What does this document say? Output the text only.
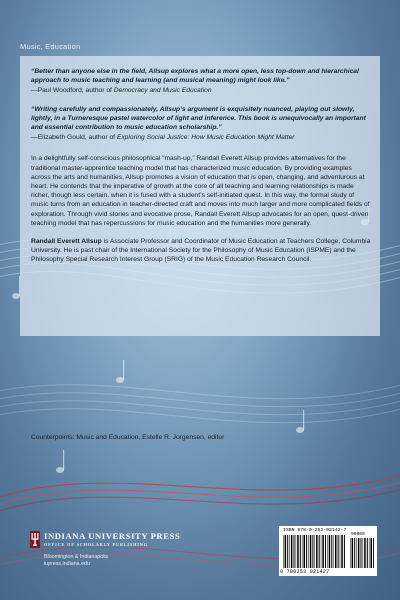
Music, Education

“Better than anyone else in the field, Allsup explores what a more open, less top-down and hierarchical approach to music teaching and learning (and musical meaning) might look like.”

—Paul Woodford, author of Democracy and Music Education

“Writing carefully and compassionately, Allsup’s argument is exquisitely nuanced, playing out slowly, lightly, in a Turneresque pastel watercolor of light and inference. This book is unequivocally an important and essential contribution to music education scholarship.”

—Elizabeth Gould, author of Exploring Social Justice: How Music Education Might Matter

In a delightfully self-conscious philosophical “mash-up,” Randall Everett Allsup provides alternatives for the traditional master-apprentice teaching model that has characterized music education. By providing examples across the arts and humanities, Allsup promotes a vision of education that is open, changing, and adventurous at heart. He contends that the imperative of growth at the core of all teaching and learning relationships is made richer, though less certain, when it is fused with a student’s self-initiated quest. In this way, the formal study of music turns from an education in teacher-directed craft and moves into much larger and more complicated fields of exploration. Through vivid stories and evocative prose, Randall Everett Allsup advocates for an open, quest-driven teaching model that has repercussions for music education and the humanities more generally.

Randall Everett Allsup is Associate Professor and Coordinator of Music Education at Teachers College, Columbia University. He is past chair of the International Society for the Philosophy of Music Education (ISPME) and the Philosophy Special Research Interest Group (SRIG) of the Music Education Research Council.

Counterpoints: Music and Education, Estelle R. Jorgensen, editor
INDIANA UNIVERSITY PRESS
OFFICE OF SCHOLARLY PUBLISHING
Bloomington & Indianapolis
iupress.indiana.edu
ISBN 978-0-253-02142-7
90000
9 780253 021427
